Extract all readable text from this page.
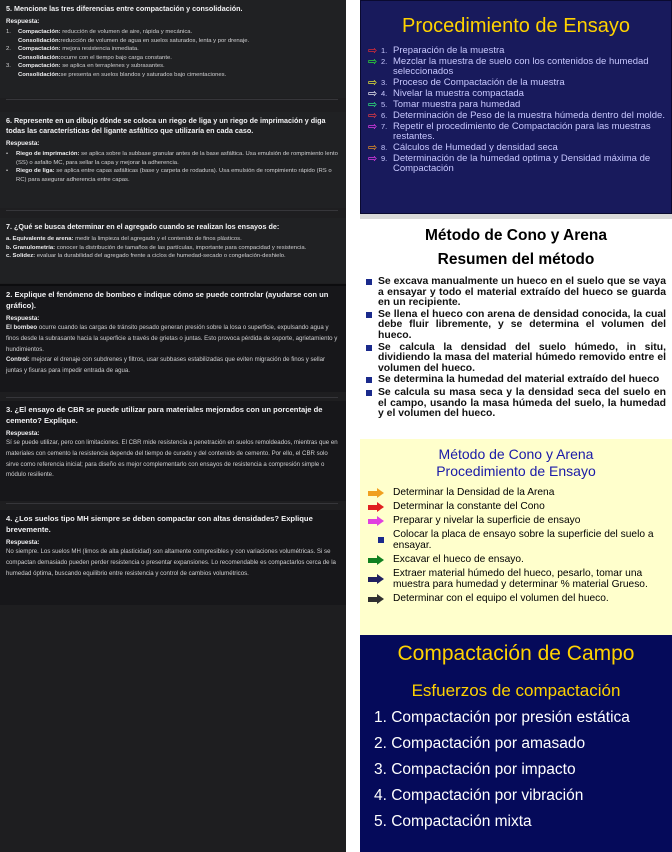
5. Mencione las tres diferencias entre compactación y consolidación.
Respuesta:
1.	Compactación: reducción de volumen de aire, rápida y mecánica.
Consolidación: reducción de volumen de agua en suelos saturados, lenta y por drenaje.
2.	Compactación: mejora resistencia inmediata.
Consolidación: ocurre con el tiempo bajo carga constante.
3.	Compactación: se aplica en terraplenes y subrasantes.
Consolidación: se presenta en suelos blandos y saturados bajo cimentaciones.
6. Represente en un dibujo dónde se coloca un riego de liga y un riego de imprimación y diga todas las características del ligante asfáltico que utilizaría en cada caso.
Respuesta:
•	Riego de imprimación: se aplica sobre la subbase granular antes de la base asfáltica. Usa emulsión de rompimiento lento (SS) o asfalto MC, para sellar la capa y mejorar la adherencia.
•	Riego de liga: se aplica entre capas asfálticas (base y carpeta de rodadura). Usa emulsión de rompimiento rápido (RS o RC) para asegurar adherencia entre capas.
7. ¿Qué se busca determinar en el agregado cuando se realizan los ensayos de:
a. Equivalente de arena: medir la limpieza del agregado y el contenido de finos plásticos.
b. Granulometría: conocer la distribución de tamaños de las partículas, importante para compacidad y resistencia.
c. Solidez: evaluar la durabilidad del agregado frente a ciclos de humedad-secado o congelación-deshielo.
2. Explique el fenómeno de bombeo e indique cómo se puede controlar (ayudarse con un gráfico).
Respuesta:
El bombeo ocurre cuando las cargas de tránsito pesado generan presión sobre la losa o superficie, expulsando agua y finos desde la subrasante hacia la superficie a través de grietas o juntas. Esto provoca pérdida de soporte, agrietamiento y hundimientos.
Control: mejorar el drenaje con subdrenes y filtros, usar subbases estabilizadas que eviten migración de finos y sellar juntas y fisuras para impedir entrada de agua.
3. ¿El ensayo de CBR se puede utilizar para materiales mejorados con un porcentaje de cemento? Explique.
Respuesta:
Sí se puede utilizar, pero con limitaciones. El CBR mide resistencia a penetración en suelos remoldeados, mientras que en materiales con cemento la resistencia depende del tiempo de curado y del contenido de cemento. Por ello, el CBR solo sirve como referencia inicial; para diseño es mejor complementarlo con ensayos de resistencia a compresión simple o módulo resiliente.
4. ¿Los suelos tipo MH siempre se deben compactar con altas densidades? Explique brevemente.
Respuesta:
No siempre. Los suelos MH (limos de alta plasticidad) son altamente compresibles y con variaciones volumétricas. Si se compactan demasiado pueden perder resistencia o presentar expansiones. Lo recomendable es compactarlos cerca de la humedad óptima, buscando equilibrio entre resistencia y control de cambios volumétricos.
Procedimiento de Ensayo
⇨ 1. Preparación de la muestra
⇨ 2. Mezclar la muestra de suelo con los contenidos de humedad seleccionados
⇨ 3. Proceso de Compactación de la muestra
⇨ 4. Nivelar la muestra compactada
⇨ 5. Tomar muestra para humedad
⇨ 6. Determinación de Peso de la muestra húmeda dentro del molde.
⇨ 7. Repetir el procedimiento de Compactación para las muestras restantes.
⇨ 8. Cálculos de Humedad y densidad seca
⇨ 9. Determinación de la humedad optima y Densidad máxima de Compactación
Método de Cono y Arena
Resumen del método
Se excava manualmente un hueco en el suelo que se vaya a ensayar y todo el material extraído del hueco se guarda en un recipiente.
Se llena el hueco con arena de densidad conocida, la cual debe fluir libremente, y se determina el volumen del hueco.
Se calcula la densidad del suelo húmedo, in situ, dividiendo la masa del material húmedo removido entre el volumen del hueco.
Se determina la humedad del material extraído del hueco
Se calcula su masa seca y la densidad seca del suelo en el campo, usando la masa húmeda del suelo, la humedad y el volumen del hueco.
Método de Cono y Arena
Procedimiento de Ensayo
Determinar la Densidad de la Arena
Determinar la constante del Cono
Preparar y nivelar la superficie de ensayo
Colocar la placa de ensayo sobre la superficie del suelo a ensayar.
Excavar el hueco de ensayo.
Extraer material húmedo del hueco, pesarlo, tomar una muestra para humedad y determinar % material Grueso.
Determinar con el equipo el volumen del hueco.
Compactación de Campo
Esfuerzos de compactación
1. Compactación por presión estática
2. Compactación por amasado
3. Compactación por impacto
4. Compactación por vibración
5. Compactación mixta
